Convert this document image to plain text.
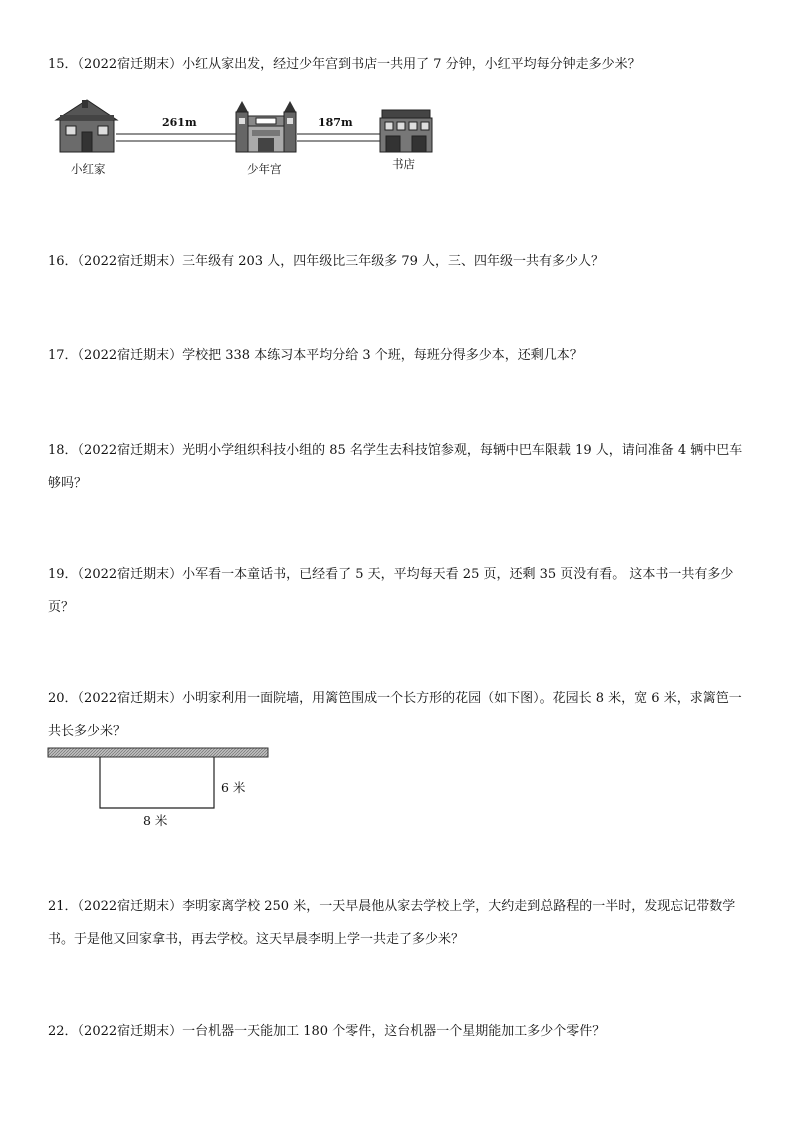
15．（2022宿迁期末）小红从家出发，经过少年宫到书店一共用了 7 分钟，小红平均每分钟走多少米？

261m	187m
小红家	少年宫	书店

16．（2022宿迁期末）三年级有 203 人，四年级比三年级多 79 人，三、四年级一共有多少人？

17．（2022宿迁期末）学校把 338 本练习本平均分给 3 个班，每班分得多少本，还剩几本？

18．（2022宿迁期末）光明小学组织科技小组的 85 名学生去科技馆参观，每辆中巴车限载 19 人，请问准备 4 辆中巴车够吗？

19．（2022宿迁期末）小军看一本童话书，已经看了 5 天，平均每天看 25 页，还剩 35 页没有看。 这本书一共有多少页？

20．（2022宿迁期末）小明家利用一面院墙，用篱笆围成一个长方形的花园（如下图）。花园长 8 米，宽 6 米，求篱笆一共长多少米？

6 米
8 米

21．（2022宿迁期末）李明家离学校 250 米，一天早晨他从家去学校上学，大约走到总路程的一半时，发现忘记带数学书。于是他又回家拿书，再去学校。这天早晨李明上学一共走了多少米？

22．（2022宿迁期末）一台机器一天能加工 180 个零件，这台机器一个星期能加工多少个零件？
